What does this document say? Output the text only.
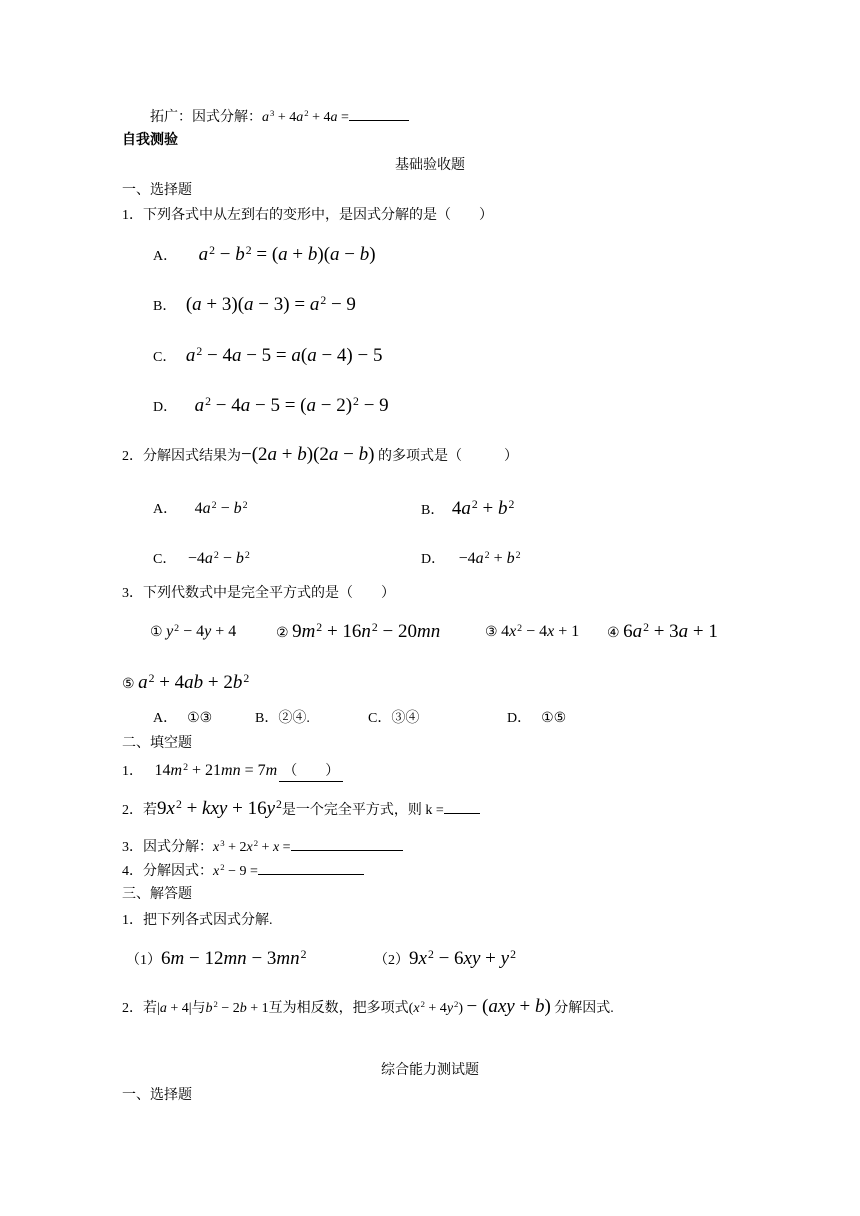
拓广：因式分解：$a^3 + 4a^2 + 4a$ =
自我测验
基础验收题
一、选择题
1．下列各式中从左到右的变形中，是因式分解的是（　　）
A． $a^2 - b^2 = (a + b)(a - b)$
B． $(a + 3)(a - 3) = a^2 - 9$
C． $a^2 - 4a - 5 = a(a - 4) - 5$
D． $a^2 - 4a - 5 = (a - 2)^2 - 9$
2．分解因式结果为−(2a + b)(2a − b) 的多项式是（　　　）
A． $4a^2 - b^2$	B． $4a^2 + b^2$
C． $-4a^2 - b^2$	D． $-4a^2 + b^2$
3．下列代数式中是完全平方式的是（　　）
① $y^2 - 4y + 4$	② $9m^2 + 16n^2 - 20mn$	③ $4x^2 - 4x + 1$ ④ $6a^2 + 3a + 1$
⑤ $a^2 + 4ab + 2b^2$
A． ①③	B．②④.	C．③④	D． ①⑤
二、填空题
1． $14m^2 + 21mn = 7m$ （　　）
2．若$9x^2$ + kxy + $16y^2$是一个完全平方式，则 k =
3．因式分解：$x^3 + 2x^2 + x$ =
4．分解因式：$x^2 - 9$ =
三、解答题
1．把下列各式因式分解.
$(1)6m - 12mn - 3mn^2$	$(2)9x^2 - 6xy + y^2$
2．若|a + 4|与$b^2 - 2b + 1$互为相反数，把多项式$(x^2 + 4y^2) - (axy + b)$ 分解因式.
综合能力测试题
一、选择题
